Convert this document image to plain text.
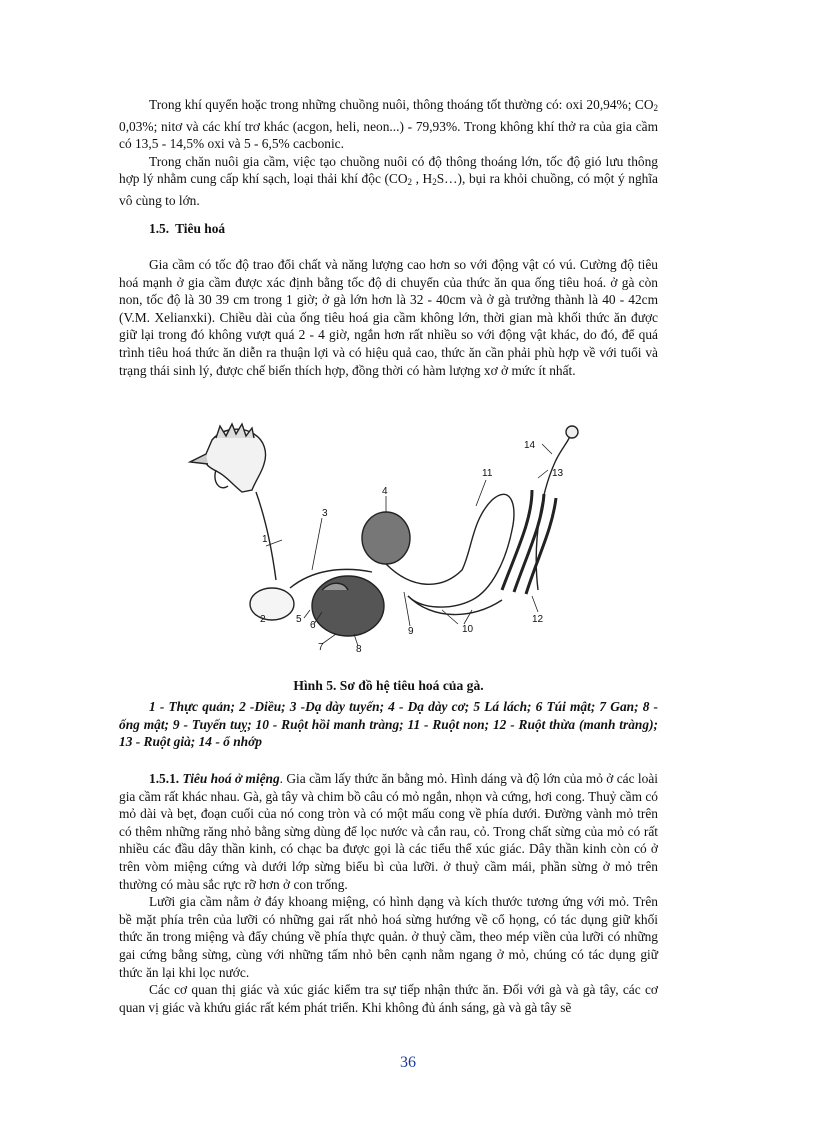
Trong khí quyển hoặc trong những chuồng nuôi, thông thoáng tốt thường có: oxi 20,94%; $CO_2$ 0,03%; nitơ và các khí trơ khác (acgon, heli, neon...) - 79,93%. Trong không khí thở ra của gia cầm có 13,5 - 14,5% oxi và 5 - 6,5% cacbonic.

Trong chăn nuôi gia cầm, việc tạo chuồng nuôi có độ thông thoáng lớn, tốc độ gió lưu thông hợp lý nhằm cung cấp khí sạch, loại thải khí độc ($CO_2$ , $H_2S\dots$), bụi ra khỏi chuồng, có một ý nghĩa vô cùng to lớn.

1.5. Tiêu hoá

Gia cầm có tốc độ trao đổi chất và năng lượng cao hơn so với động vật có vú. Cường độ tiêu hoá mạnh ở gia cầm được xác định bằng tốc độ di chuyển của thức ăn qua ống tiêu hoá. ở gà còn non, tốc độ là 30 39 cm trong 1 giờ; ở gà lớn hơn là 32 - 40cm và ở gà trưởng thành là 40 - 42cm (V.M. Xelianxki). Chiều dài của ống tiêu hoá gia cầm không lớn, thời gian mà khối thức ăn được giữ lại trong đó không vượt quá 2 - 4 giờ, ngắn hơn rất nhiều so với động vật khác, do đó, để quá trình tiêu hoá thức ăn diễn ra thuận lợi và có hiệu quả cao, thức ăn cần phải phù hợp về với tuổi và trạng thái sinh lý, được chế biến thích hợp, đồng thời có hàm lượng xơ ở mức ít nhất.

1
2
3
4
5
6
7	8
9	10
11
12
13
14
Hình 5. Sơ đồ hệ tiêu hoá của gà.
1 - Thực quản; 2 -Diều; 3 -Dạ dày tuyến; 4 - Dạ dày cơ; 5 Lá lách; 6 Túi mật; 7 Gan; 8 - ống mật; 9 - Tuyến tuỵ; 10 - Ruột hồi manh tràng; 11 - Ruột non; 12 - Ruột thừa (manh tràng); 13 - Ruột già; 14 - ổ nhớp

1.5.1. Tiêu hoá ở miệng. Gia cầm lấy thức ăn bằng mỏ. Hình dáng và độ lớn của mỏ ở các loài gia cầm rất khác nhau. Gà, gà tây và chim bồ câu có mỏ ngắn, nhọn và cứng, hơi cong. Thuỷ cầm có mỏ dài và bẹt, đoạn cuối của nó cong tròn và có một mấu cong về phía dưới. Đường vành mỏ trên có thêm những răng nhỏ bằng sừng dùng để lọc nước và cắn rau, cỏ. Trong chất sừng của mỏ có rất nhiều các đầu dây thần kinh, có chạc ba được gọi là các tiểu thể xúc giác. Dây thần kinh còn có ở trên vòm miệng cứng và dưới lớp sừng biểu bì của lưỡi. ở thuỷ cầm mái, phần sừng ở mỏ trên thường có màu sắc rực rỡ hơn ở con trống.

Lưỡi gia cầm nằm ở đáy khoang miệng, có hình dạng và kích thước tương ứng với mỏ. Trên bề mặt phía trên của lưỡi có những gai rất nhỏ hoá sừng hướng về cổ họng, có tác dụng giữ khối thức ăn trong miệng và đẩy chúng về phía thực quản. ở thuỷ cầm, theo mép viền của lưỡi có những gai cứng bằng sừng, cùng với những tấm nhỏ bên cạnh nằm ngang ở mỏ, chúng có tác dụng giữ thức ăn lại khi lọc nước.

Các cơ quan thị giác và xúc giác kiểm tra sự tiếp nhận thức ăn. Đối với gà và gà tây, các cơ quan vị giác và khứu giác rất kém phát triển. Khi không đủ ánh sáng, gà và gà tây sẽ

36
